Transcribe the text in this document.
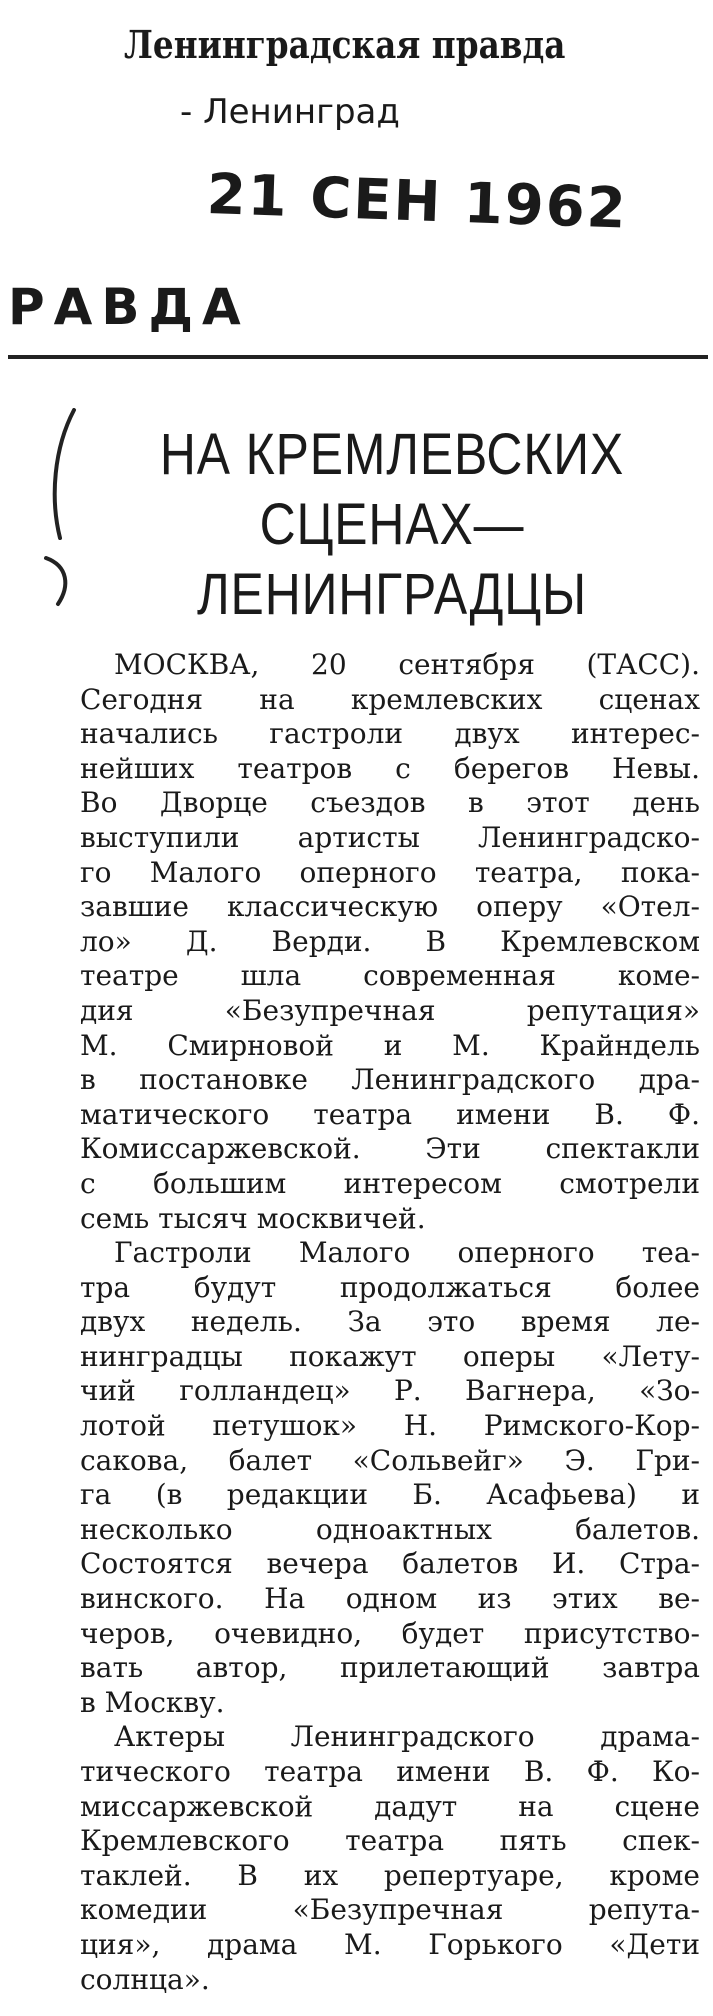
Ленинградская правда
- Ленинград
21 СЕН 1962
РАВДА
НА КРЕМЛЕВСКИХ
СЦЕНАХ—
ЛЕНИНГРАДЦЫ
МОСКВА, 20 сентября (ТАСС).
Сегодня на кремлевских сценах
начались гастроли двух интерес-
нейших театров с берегов Невы.
Во Дворце съездов в этот день
выступили артисты Ленинградско-
го Малого оперного театра, пока-
завшие классическую оперу «Отел-
ло» Д. Верди. В Кремлевском
театре шла современная коме-
дия «Безупречная репутация»
М. Смирновой и М. Крайндель
в постановке Ленинградского дра-
матического театра имени В. Ф.
Комиссаржевской. Эти спектакли
с большим интересом смотрели
семь тысяч москвичей.
Гастроли Малого оперного теа-
тра будут продолжаться более
двух недель. За это время ле-
нинградцы покажут оперы «Лету-
чий голландец» Р. Вагнера, «Зо-
лотой петушок» Н. Римского-Кор-
сакова, балет «Сольвейг» Э. Гри-
га (в редакции Б. Асафьева) и
несколько одноактных балетов.
Состоятся вечера балетов И. Стра-
винского. На одном из этих ве-
черов, очевидно, будет присутство-
вать автор, прилетающий завтра
в Москву.
Актеры Ленинградского драма-
тического театра имени В. Ф. Ко-
миссаржевской дадут на сцене
Кремлевского театра пять спек-
таклей. В их репертуаре, кроме
комедии «Безупречная репута-
ция», драма М. Горького «Дети
солнца».
